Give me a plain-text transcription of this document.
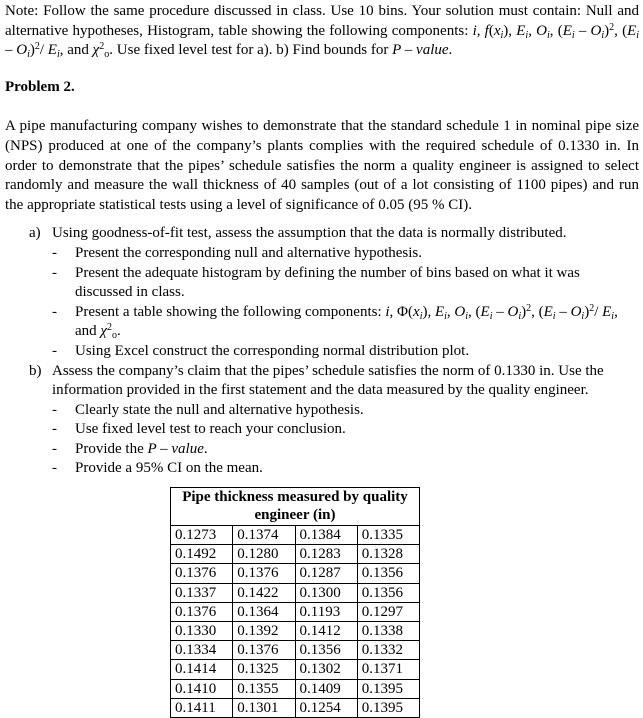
Note: Follow the same procedure discussed in class. Use 10 bins. Your solution must contain: Null and alternative hypotheses, Histogram, table showing the following components: i, $f(x_i)$, $E_i$, $O_i$, $(E_i - O_i)^2$, $(E_i - O_i)^2/$ $E_i$, and $\chi^2_o$. Use fixed level test for a). b) Find bounds for P – value.

Problem 2.

A pipe manufacturing company wishes to demonstrate that the standard schedule 1 in nominal pipe size (NPS) produced at one of the company’s plants complies with the required schedule of 0.1330 in. In order to demonstrate that the pipes’ schedule satisfies the norm a quality engineer is assigned to select randomly and measure the wall thickness of 40 samples (out of a lot consisting of 1100 pipes) and run the appropriate statistical tests using a level of significance of 0.05 (95 % CI).

a) Using goodness-of-fit test, assess the assumption that the data is normally distributed.
-	Present the corresponding null and alternative hypothesis.
-	Present the adequate histogram by defining the number of bins based on what it was discussed in class.
-	Present a table showing the following components: i, $\Phi(x_i)$, $E_i$, $O_i$, $(E_i - O_i)^2$, $(E_i - O_i)^2/$ $E_i$, and $\chi^2_o$.
-	Using Excel construct the corresponding normal distribution plot.
b) Assess the company’s claim that the pipes’ schedule satisfies the norm of 0.1330 in. Use the information provided in the first statement and the data measured by the quality engineer.
-	Clearly state the null and alternative hypothesis.
-	Use fixed level test to reach your conclusion.
-	Provide the P – value.
-	Provide a 95% CI on the mean.
Pipe thickness measured by quality engineer (in)			
0.1273	0.1374	0.1384	0.1335
0.1492	0.1280	0.1283	0.1328
0.1376	0.1376	0.1287	0.1356
0.1337	0.1422	0.1300	0.1356
0.1376	0.1364	0.1193	0.1297
0.1330	0.1392	0.1412	0.1338
0.1334	0.1376	0.1356	0.1332
0.1414	0.1325	0.1302	0.1371
0.1410	0.1355	0.1409	0.1395
0.1411	0.1301	0.1254	0.1395
